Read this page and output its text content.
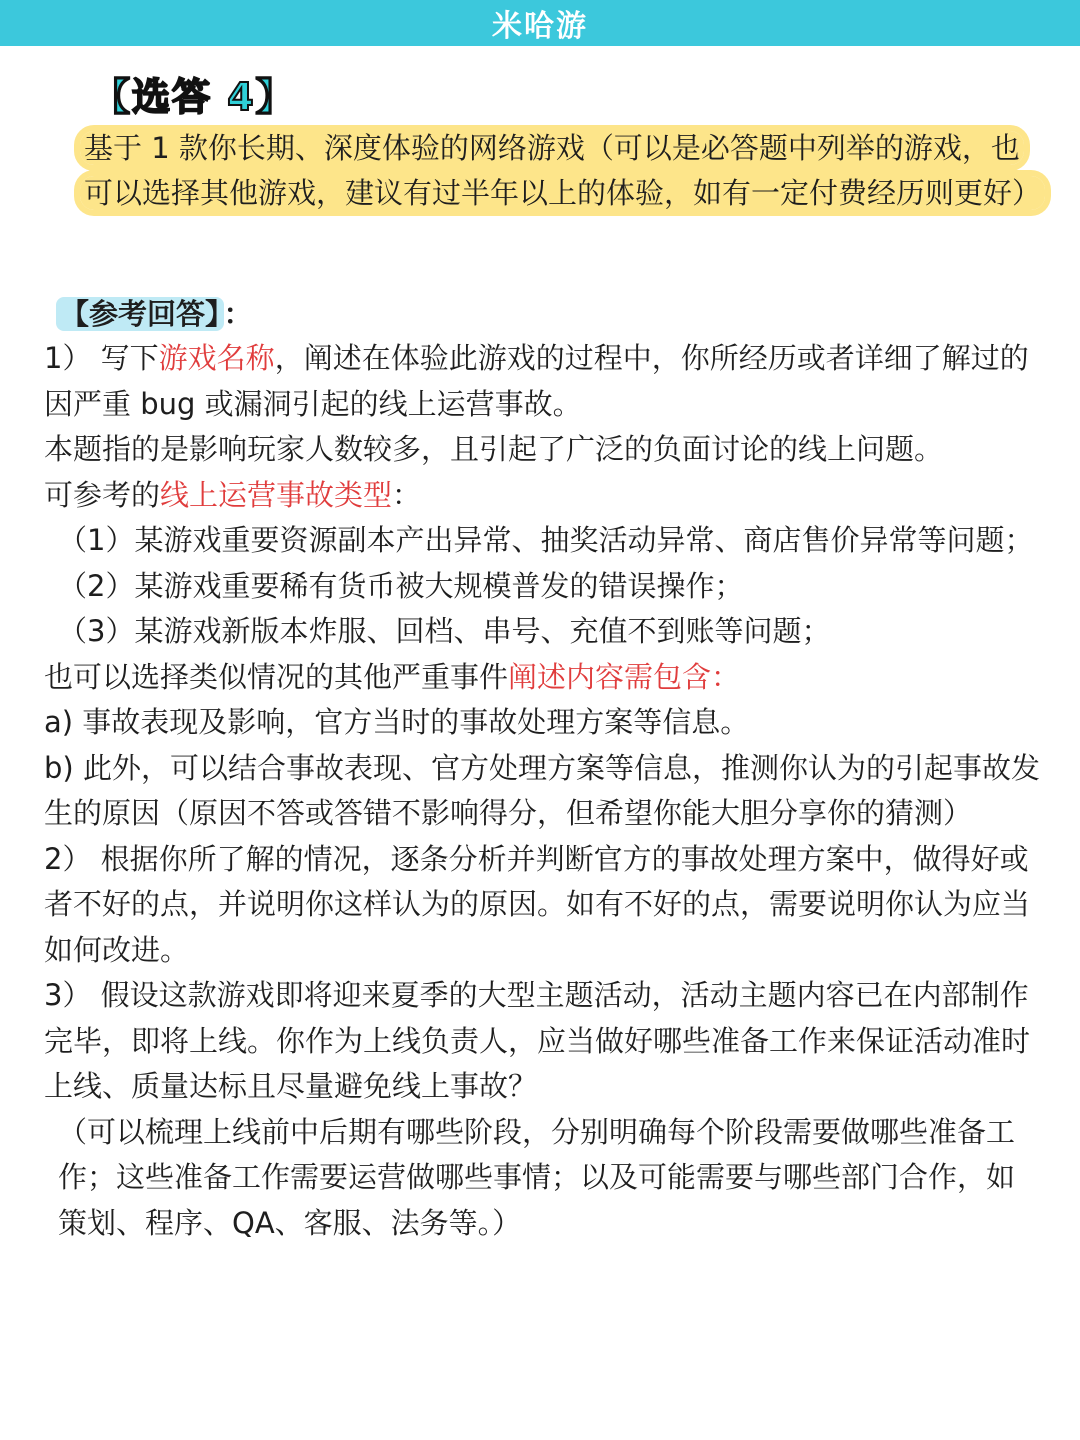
米哈游
【选答 4】
基于 1 款你长期、深度体验的网络游戏（可以是必答题中列举的游戏，也可以选择其他游戏，建议有过半年以上的体验，如有一定付费经历则更好）
【参考回答】 ：

1） 写下游戏名称，阐述在体验此游戏的过程中，你所经历或者详细了解过的因严重 bug 或漏洞引起的线上运营事故。

本题指的是影响玩家人数较多，且引起了广泛的负面讨论的线上问题。

可参考的线上运营事故类型：

（1）某游戏重要资源副本产出异常、抽奖活动异常、商店售价异常等问题；

（2）某游戏重要稀有货币被大规模普发的错误操作；

（3）某游戏新版本炸服、回档、串号、充值不到账等问题；

也可以选择类似情况的其他严重事件阐述内容需包含：

a) 事故表现及影响，官方当时的事故处理方案等信息。

b) 此外，可以结合事故表现、官方处理方案等信息，推测你认为的引起事故发生的原因（原因不答或答错不影响得分，但希望你能大胆分享你的猜测）

2） 根据你所了解的情况，逐条分析并判断官方的事故处理方案中，做得好或者不好的点，并说明你这样认为的原因。如有不好的点，需要说明你认为应当如何改进。

3） 假设这款游戏即将迎来夏季的大型主题活动，活动主题内容已在内部制作完毕，即将上线。你作为上线负责人，应当做好哪些准备工作来保证活动准时上线、质量达标且尽量避免线上事故？

（可以梳理上线前中后期有哪些阶段，分别明确每个阶段需要做哪些准备工作；这些准备工作需要运营做哪些事情；以及可能需要与哪些部门合作，如策划、程序、QA、客服、法务等。）
